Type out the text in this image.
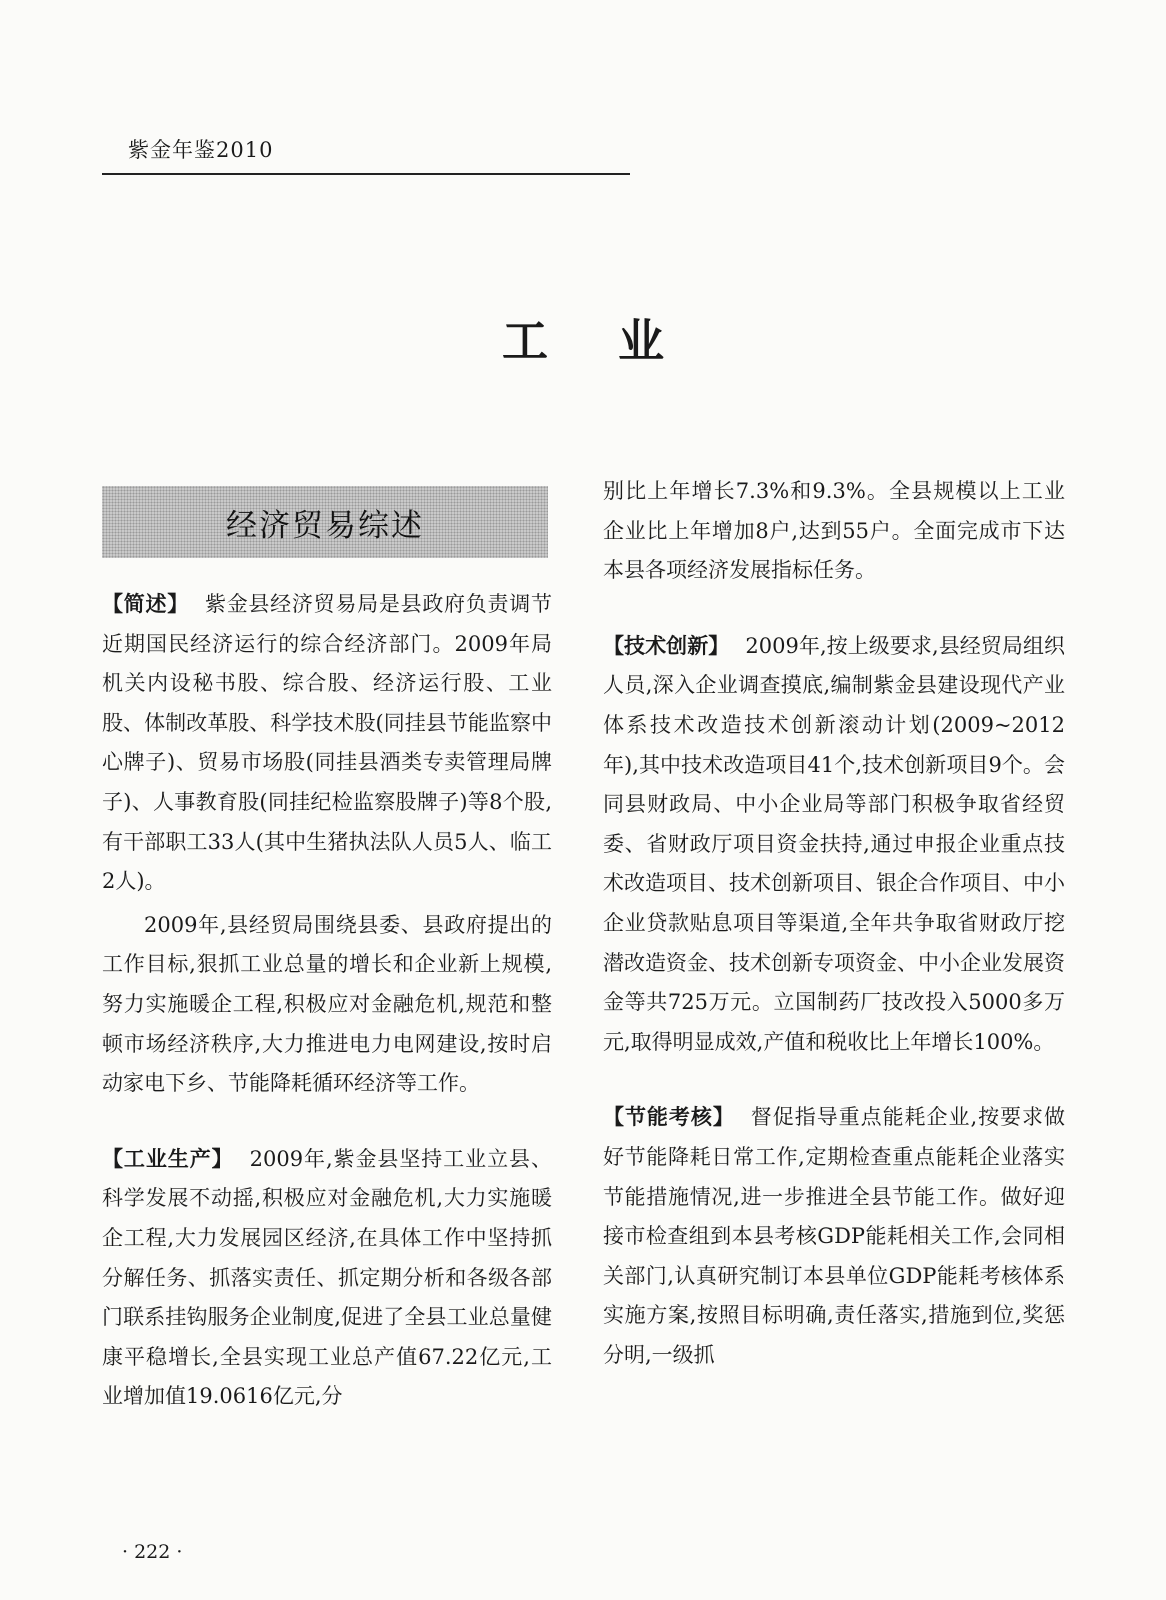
紫金年鉴2010
工业
经济贸易综述

【简述】 紫金县经济贸易局是县政府负责调节近期国民经济运行的综合经济部门。2009年局机关内设秘书股、综合股、经济运行股、工业股、体制改革股、科学技术股(同挂县节能监察中心牌子)、贸易市场股(同挂县酒类专卖管理局牌子)、人事教育股(同挂纪检监察股牌子)等8个股,有干部职工33人(其中生猪执法队人员5人、临工2人)。

2009年,县经贸局围绕县委、县政府提出的工作目标,狠抓工业总量的增长和企业新上规模,努力实施暖企工程,积极应对金融危机,规范和整顿市场经济秩序,大力推进电力电网建设,按时启动家电下乡、节能降耗循环经济等工作。

【工业生产】 2009年,紫金县坚持工业立县、科学发展不动摇,积极应对金融危机,大力实施暖企工程,大力发展园区经济,在具体工作中坚持抓分解任务、抓落实责任、抓定期分析和各级各部门联系挂钩服务企业制度,促进了全县工业总量健康平稳增长,全县实现工业总产值67.22亿元,工业增加值19.0616亿元,分

别比上年增长7.3%和9.3%。全县规模以上工业企业比上年增加8户,达到55户。全面完成市下达本县各项经济发展指标任务。

【技术创新】 2009年,按上级要求,县经贸局组织人员,深入企业调查摸底,编制紫金县建设现代产业体系技术改造技术创新滚动计划(2009~2012年),其中技术改造项目41个,技术创新项目9个。会同县财政局、中小企业局等部门积极争取省经贸委、省财政厅项目资金扶持,通过申报企业重点技术改造项目、技术创新项目、银企合作项目、中小企业贷款贴息项目等渠道,全年共争取省财政厅挖潜改造资金、技术创新专项资金、中小企业发展资金等共725万元。立国制药厂技改投入5000多万元,取得明显成效,产值和税收比上年增长100%。

【节能考核】 督促指导重点能耗企业,按要求做好节能降耗日常工作,定期检查重点能耗企业落实节能措施情况,进一步推进全县节能工作。做好迎接市检查组到本县考核GDP能耗相关工作,会同相关部门,认真研究制订本县单位GDP能耗考核体系实施方案,按照目标明确,责任落实,措施到位,奖惩分明,一级抓

· 222 ·
